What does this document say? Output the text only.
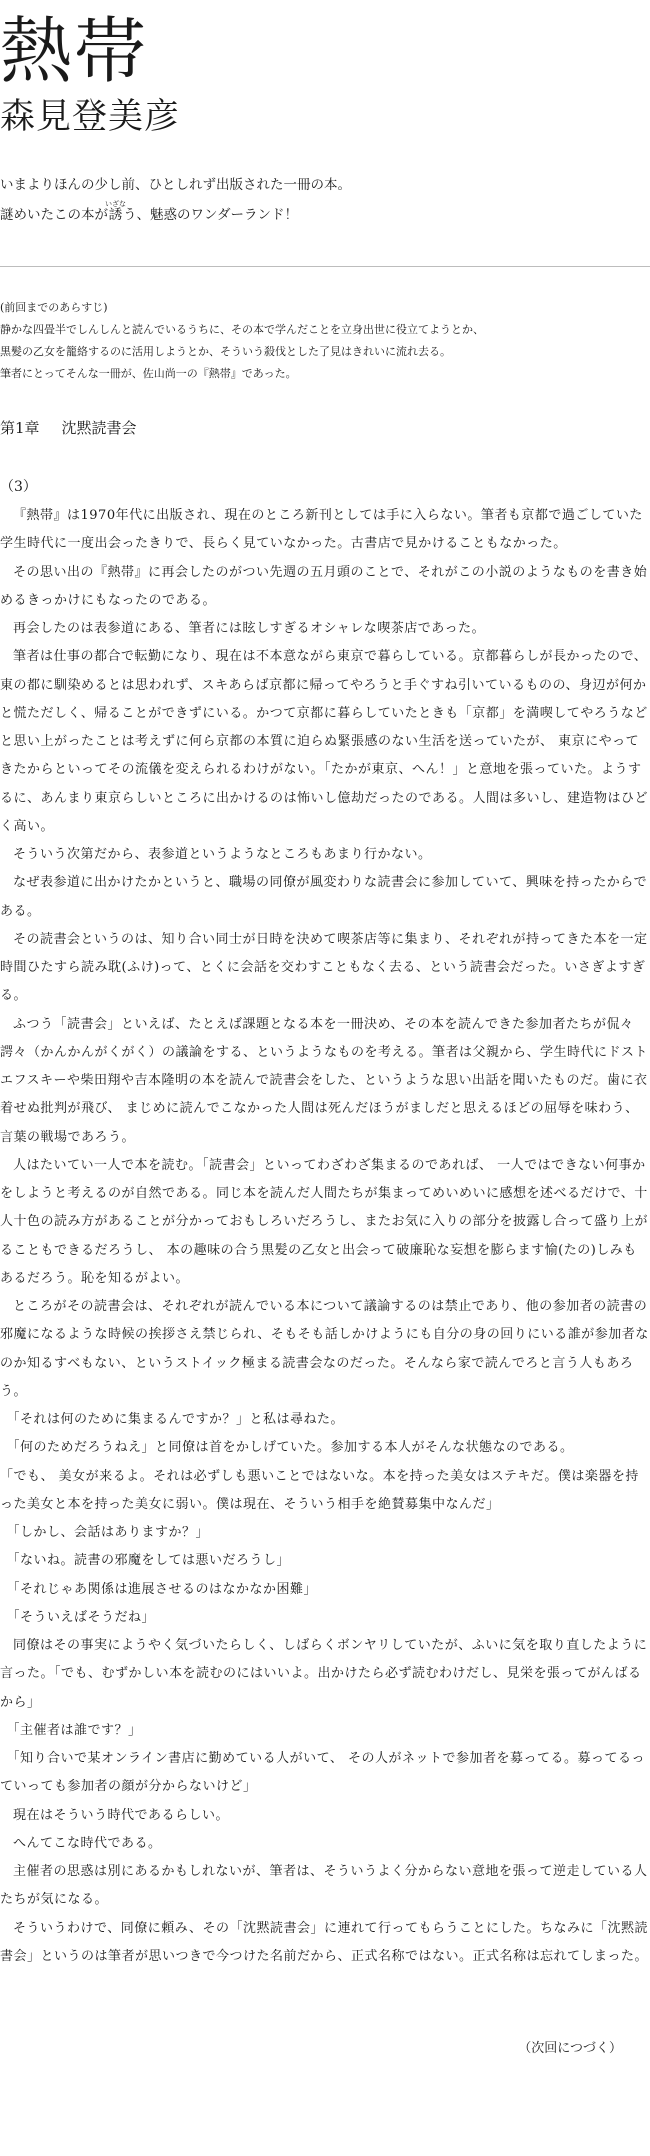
熱帯
森見登美彦

いまよりほんの少し前、ひとしれず出版された一冊の本。

謎めいたこの本が誘いざなう、魅惑のワンダーランド！

(前回までのあらすじ)

静かな四畳半でしんしんと読んでいるうちに、その本で学んだことを立身出世に役立てようとか、

黒髪の乙女を籠絡するのに活用しようとか、そういう殺伐とした了見はきれいに流れ去る。

筆者にとってそんな一冊が、佐山尚一の『熱帯』であった。

第1章 沈黙読書会
（3）

『熱帯』は1970年代に出版され、現在のところ新刊としては手に入らない。筆者も京都で過ごしていた学生時代に一度出会ったきりで、長らく見ていなかった。古書店で見かけることもなかった。

その思い出の『熱帯』に再会したのがつい先週の五月頭のことで、それがこの小説のようなものを書き始めるきっかけにもなったのである。

再会したのは表参道にある、筆者には眩しすぎるオシャレな喫茶店であった。

筆者は仕事の都合で転勤になり、現在は不本意ながら東京で暮らしている。京都暮らしが長かったので、東の都に馴染めるとは思われず、スキあらば京都に帰ってやろうと手ぐすね引いているものの、身辺が何かと慌ただしく、帰ることができずにいる。かつて京都に暮らしていたときも「京都」を満喫してやろうなどと思い上がったことは考えずに何ら京都の本質に迫らぬ緊張感のない生活を送っていたが、 東京にやってきたからといってその流儀を変えられるわけがない。「たかが東京、へん！」と意地を張っていた。ようするに、あんまり東京らしいところに出かけるのは怖いし億劫だったのである。人間は多いし、建造物はひどく高い。

そういう次第だから、表参道というようなところもあまり行かない。

なぜ表参道に出かけたかというと、職場の同僚が風変わりな読書会に参加していて、興味を持ったからである。

その読書会というのは、知り合い同士が日時を決めて喫茶店等に集まり、それぞれが持ってきた本を一定時間ひたすら読み耽(ふけ)って、とくに会話を交わすこともなく去る、という読書会だった。いさぎよすぎる。

ふつう「読書会」といえば、たとえば課題となる本を一冊決め、その本を読んできた参加者たちが侃々諤々（かんかんがくがく）の議論をする、というようなものを考える。筆者は父親から、学生時代にドストエフスキーや柴田翔や吉本隆明の本を読んで読書会をした、というような思い出話を聞いたものだ。歯に衣着せぬ批判が飛び、 まじめに読んでこなかった人間は死んだほうがましだと思えるほどの屈辱を味わう、言葉の戦場であろう。

人はたいてい一人で本を読む。「読書会」といってわざわざ集まるのであれば、 一人ではできない何事かをしようと考えるのが自然である。同じ本を読んだ人間たちが集まってめいめいに感想を述べるだけで、十人十色の読み方があることが分かっておもしろいだろうし、またお気に入りの部分を披露し合って盛り上がることもできるだろうし、 本の趣味の合う黒髪の乙女と出会って破廉恥な妄想を膨らます愉(たの)しみもあるだろう。恥を知るがよい。

ところがその読書会は、それぞれが読んでいる本について議論するのは禁止であり、他の参加者の読書の邪魔になるような時候の挨拶さえ禁じられ、そもそも話しかけようにも自分の身の回りにいる誰が参加者なのか知るすべもない、というストイック極まる読書会なのだった。そんなら家で読んでろと言う人もあろう。

「それは何のために集まるんですか？」と私は尋ねた。

「何のためだろうねえ」と同僚は首をかしげていた。参加する本人がそんな状態なのである。

「でも、 美女が来るよ。それは必ずしも悪いことではないな。本を持った美女はステキだ。僕は楽器を持った美女と本を持った美女に弱い。僕は現在、そういう相手を絶賛募集中なんだ」

「しかし、会話はありますか？」

「ないね。読書の邪魔をしては悪いだろうし」

「それじゃあ関係は進展させるのはなかなか困難」

「そういえばそうだね」

同僚はその事実にようやく気づいたらしく、しばらくボンヤリしていたが、ふいに気を取り直したように言った。「でも、むずかしい本を読むのにはいいよ。出かけたら必ず読むわけだし、見栄を張ってがんばるから」

「主催者は誰です？」

「知り合いで某オンライン書店に勤めている人がいて、 その人がネットで参加者を募ってる。募ってるっていっても参加者の顔が分からないけど」

現在はそういう時代であるらしい。

へんてこな時代である。

主催者の思惑は別にあるかもしれないが、筆者は、そういうよく分からない意地を張って逆走している人たちが気になる。

そういうわけで、同僚に頼み、その「沈黙読書会」に連れて行ってもらうことにした。ちなみに「沈黙読書会」というのは筆者が思いつきで今つけた名前だから、正式名称ではない。正式名称は忘れてしまった。

（次回につづく）
